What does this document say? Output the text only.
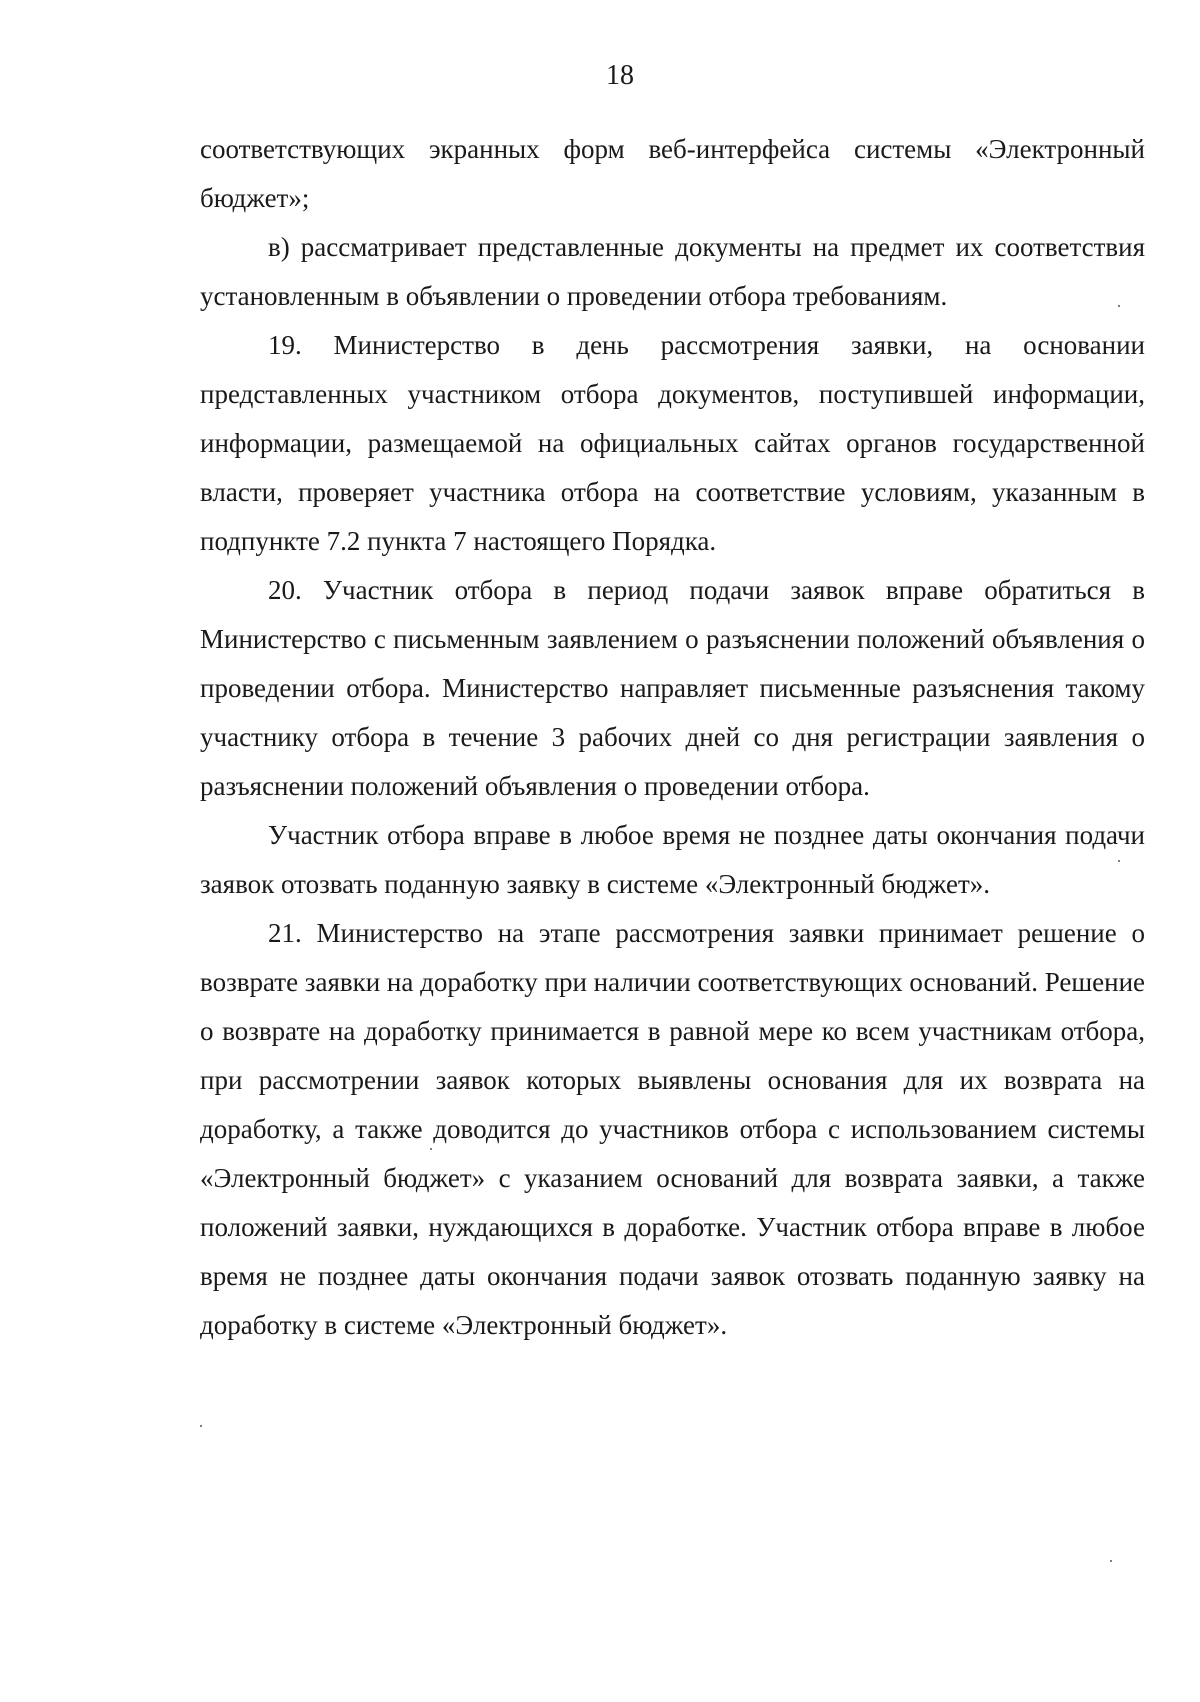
18

соответствующих экранных форм веб-интерфейса системы «Электронный бюджет»;

в) рассматривает представленные документы на предмет их соответствия установленным в объявлении о проведении отбора требованиям.

19. Министерство в день рассмотрения заявки, на основании представленных участником отбора документов, поступившей информации, информации, размещаемой на официальных сайтах органов государственной власти, проверяет участника отбора на соответствие условиям, указанным в подпункте 7.2 пункта 7 настоящего Порядка.

20. Участник отбора в период подачи заявок вправе обратиться в Министерство с письменным заявлением о разъяснении положений объявления о проведении отбора. Министерство направляет письменные разъяснения такому участнику отбора в течение 3 рабочих дней со дня регистрации заявления о разъяснении положений объявления о проведении отбора.

Участник отбора вправе в любое время не позднее даты окончания подачи заявок отозвать поданную заявку в системе «Электронный бюджет».

21. Министерство на этапе рассмотрения заявки принимает решение о возврате заявки на доработку при наличии соответствующих оснований. Решение о возврате на доработку принимается в равной мере ко всем участникам отбора, при рассмотрении заявок которых выявлены основания для их возврата на доработку, а также доводится до участников отбора с использованием системы «Электронный бюджет» с указанием оснований для возврата заявки, а также положений заявки, нуждающихся в доработке. Участник отбора вправе в любое время не позднее даты окончания подачи заявок отозвать поданную заявку на доработку в системе «Электронный бюджет».
